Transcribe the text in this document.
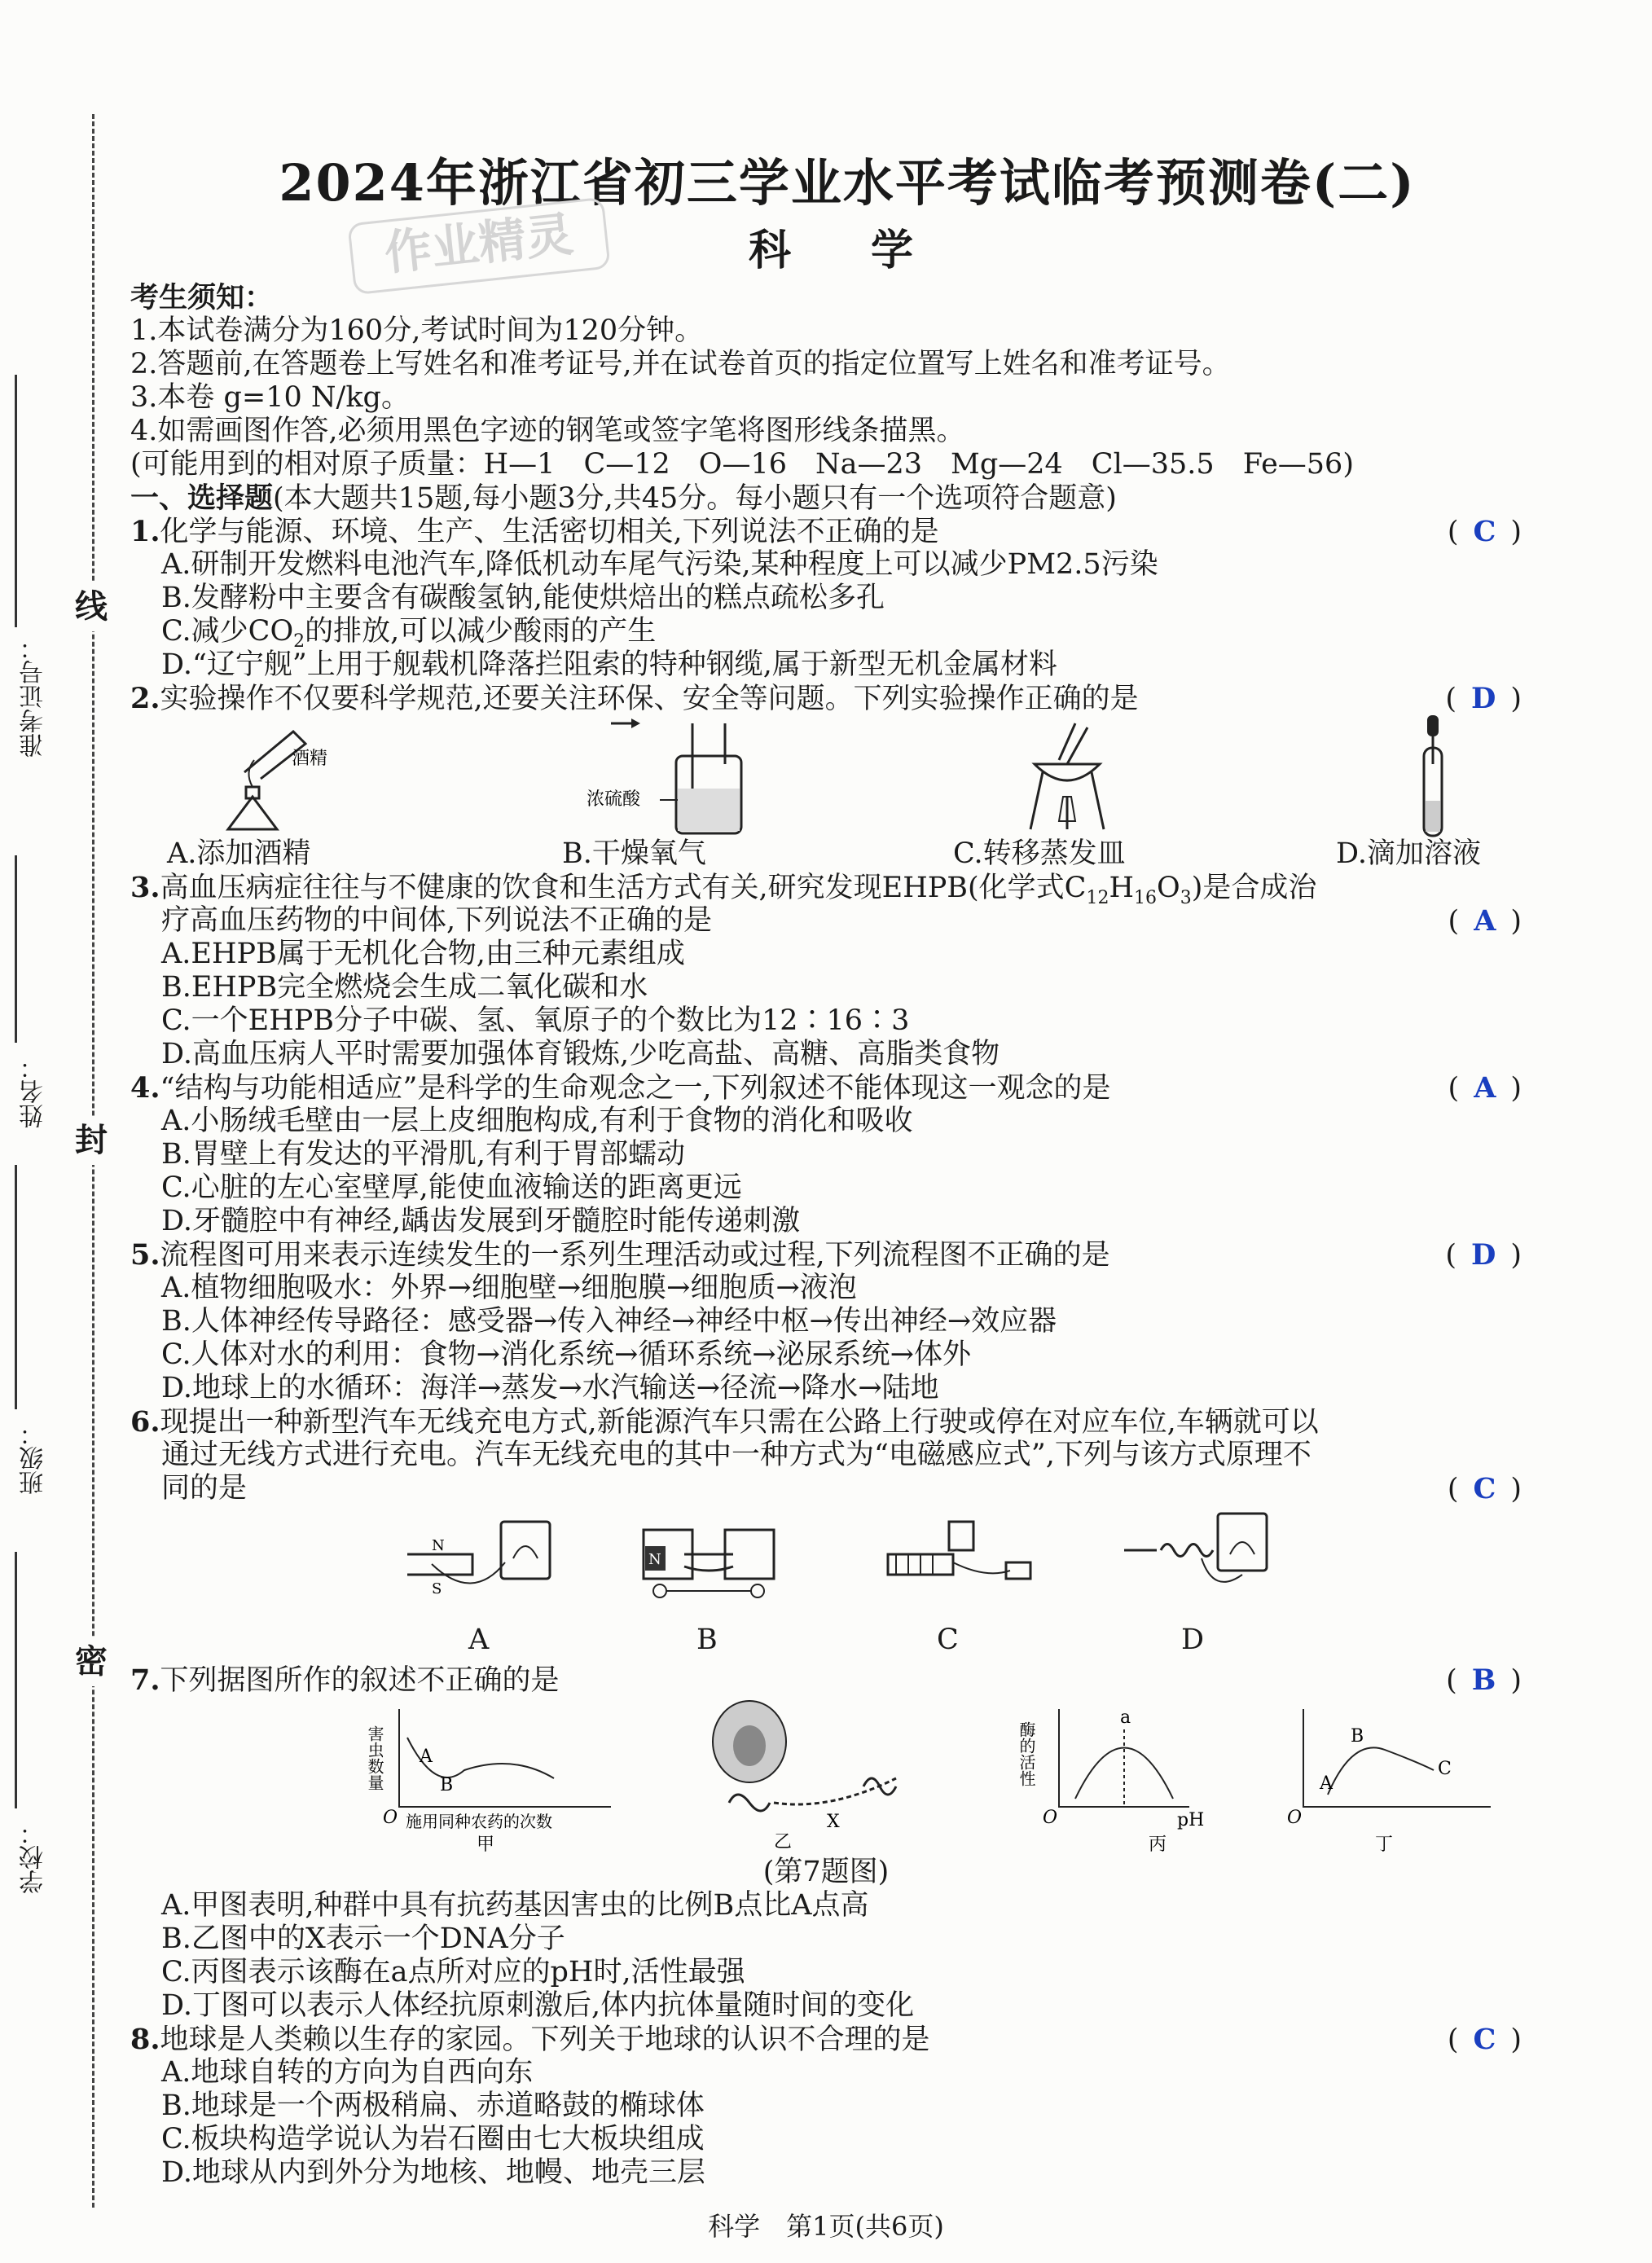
线
封
密
准考证号：
姓名：
班级：
学校：
2024年浙江省初三学业水平考试临考预测卷(二)
作业精灵	科 学
考生须知：
1.本试卷满分为160分,考试时间为120分钟。
2.答题前,在答题卷上写姓名和准考证号,并在试卷首页的指定位置写上姓名和准考证号。
3.本卷 g=10 N/kg。
4.如需画图作答,必须用黑色字迹的钢笔或签字笔将图形线条描黑。
(可能用到的相对原子质量：H—1　C—12　O—16　Na—23　Mg—24　Cl—35.5　Fe—56)
一、选择题(本大题共15题,每小题3分,共45分。每小题只有一个选项符合题意)
1.化学与能源、环境、生产、生活密切相关,下列说法不正确的是	( C )
A.研制开发燃料电池汽车,降低机动车尾气污染,某种程度上可以减少PM2.5污染
B.发酵粉中主要含有碳酸氢钠,能使烘焙出的糕点疏松多孔
C.减少$CO_2$的排放,可以减少酸雨的产生
D.“辽宁舰”上用于舰载机降落拦阻索的特种钢缆,属于新型无机金属材料
2.实验操作不仅要科学规范,还要关注环保、安全等问题。下列实验操作正确的是	( D )
酒精
浓硫酸
A.添加酒精	B.干燥氧气	C.转移蒸发皿	D.滴加溶液
3.高血压病症往往与不健康的饮食和生活方式有关,研究发现EHPB(化学式$C_{12}H_{16}O_3$)是合成治
疗高血压药物的中间体,下列说法不正确的是	( A )
A.EHPB属于无机化合物,由三种元素组成
B.EHPB完全燃烧会生成二氧化碳和水
C.一个EHPB分子中碳、氢、氧原子的个数比为12∶16∶3
D.高血压病人平时需要加强体育锻炼,少吃高盐、高糖、高脂类食物
4.“结构与功能相适应”是科学的生命观念之一,下列叙述不能体现这一观念的是	( A )
A.小肠绒毛壁由一层上皮细胞构成,有利于食物的消化和吸收
B.胃壁上有发达的平滑肌,有利于胃部蠕动
C.心脏的左心室壁厚,能使血液输送的距离更远
D.牙髓腔中有神经,龋齿发展到牙髓腔时能传递刺激
5.流程图可用来表示连续发生的一系列生理活动或过程,下列流程图不正确的是	( D )
A.植物细胞吸水：外界→细胞壁→细胞膜→细胞质→液泡
B.人体神经传导路径：感受器→传入神经→神经中枢→传出神经→效应器
C.人体对水的利用：食物→消化系统→循环系统→泌尿系统→体外
D.地球上的水循环：海洋→蒸发→水汽输送→径流→降水→陆地
6.现提出一种新型汽车无线充电方式,新能源汽车只需在公路上行驶或停在对应车位,车辆就可以
通过无线方式进行充电。汽车无线充电的其中一种方式为“电磁感应式”,下列与该方式原理不
同的是	( C )
N
S
N
A	B	C	D
7.下列据图所作的叙述不正确的是	( B )
害虫数量 A
B
O 施用同种农药的次数
甲
X
乙
酶的活性
a
O	pH
丙
A
B
C
O
丁
(第7题图)
A.甲图表明,种群中具有抗药基因害虫的比例B点比A点高
B.乙图中的X表示一个DNA分子
C.丙图表示该酶在a点所对应的pH时,活性最强
D.丁图可以表示人体经抗原刺激后,体内抗体量随时间的变化
8.地球是人类赖以生存的家园。下列关于地球的认识不合理的是	( C )
A.地球自转的方向为自西向东
B.地球是一个两极稍扁、赤道略鼓的椭球体
C.板块构造学说认为岩石圈由七大板块组成
D.地球从内到外分为地核、地幔、地壳三层
科学　第1页(共6页)
